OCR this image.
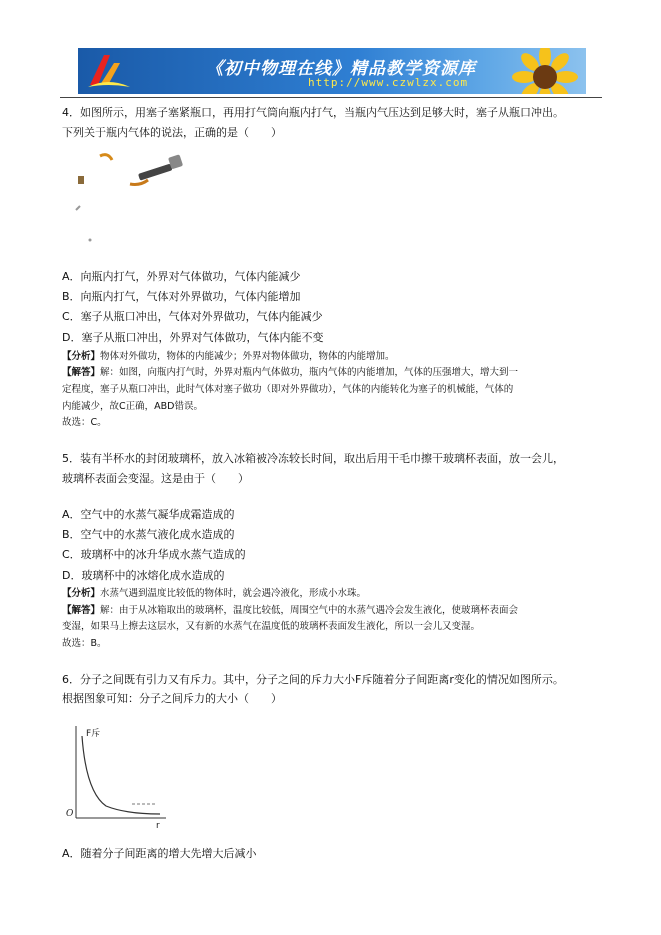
《初中物理在线》精品教学资源库
http://www.czwlzx.com
4．如图所示，用塞子塞紧瓶口，再用打气筒向瓶内打气，当瓶内气压达到足够大时，塞子从瓶口冲出。
下列关于瓶内气体的说法，正确的是（　　）
A．向瓶内打气，外界对气体做功，气体内能减少
B．向瓶内打气，气体对外界做功，气体内能增加
C．塞子从瓶口冲出，气体对外界做功，气体内能减少
D．塞子从瓶口冲出，外界对气体做功，气体内能不变
【分析】物体对外做功，物体的内能减少；外界对物体做功，物体的内能增加。
【解答】解：如图，向瓶内打气时，外界对瓶内气体做功，瓶内气体的内能增加，气体的压强增大，增大到一
定程度，塞子从瓶口冲出，此时气体对塞子做功（即对外界做功），气体的内能转化为塞子的机械能，气体的
内能减少，故C正确，ABD错误。
故选：C。
5．装有半杯水的封闭玻璃杯，放入冰箱被冷冻较长时间，取出后用干毛巾擦干玻璃杯表面，放一会儿，
玻璃杯表面会变湿。这是由于（　　）
A．空气中的水蒸气凝华成霜造成的
B．空气中的水蒸气液化成水造成的
C．玻璃杯中的冰升华成水蒸气造成的
D．玻璃杯中的冰熔化成水造成的
【分析】水蒸气遇到温度比较低的物体时，就会遇冷液化，形成小水珠。
【解答】解：由于从冰箱取出的玻璃杯，温度比较低，周围空气中的水蒸气遇冷会发生液化，使玻璃杯表面会
变湿，如果马上擦去这层水，又有新的水蒸气在温度低的玻璃杯表面发生液化，所以一会儿又变湿。
故选：B。
6．分子之间既有引力又有斥力。其中，分子之间的斥力大小F斥随着分子间距离r变化的情况如图所示。
根据图象可知：分子之间斥力的大小（　　）
F斥
r
O
A．随着分子间距离的增大先增大后减小
